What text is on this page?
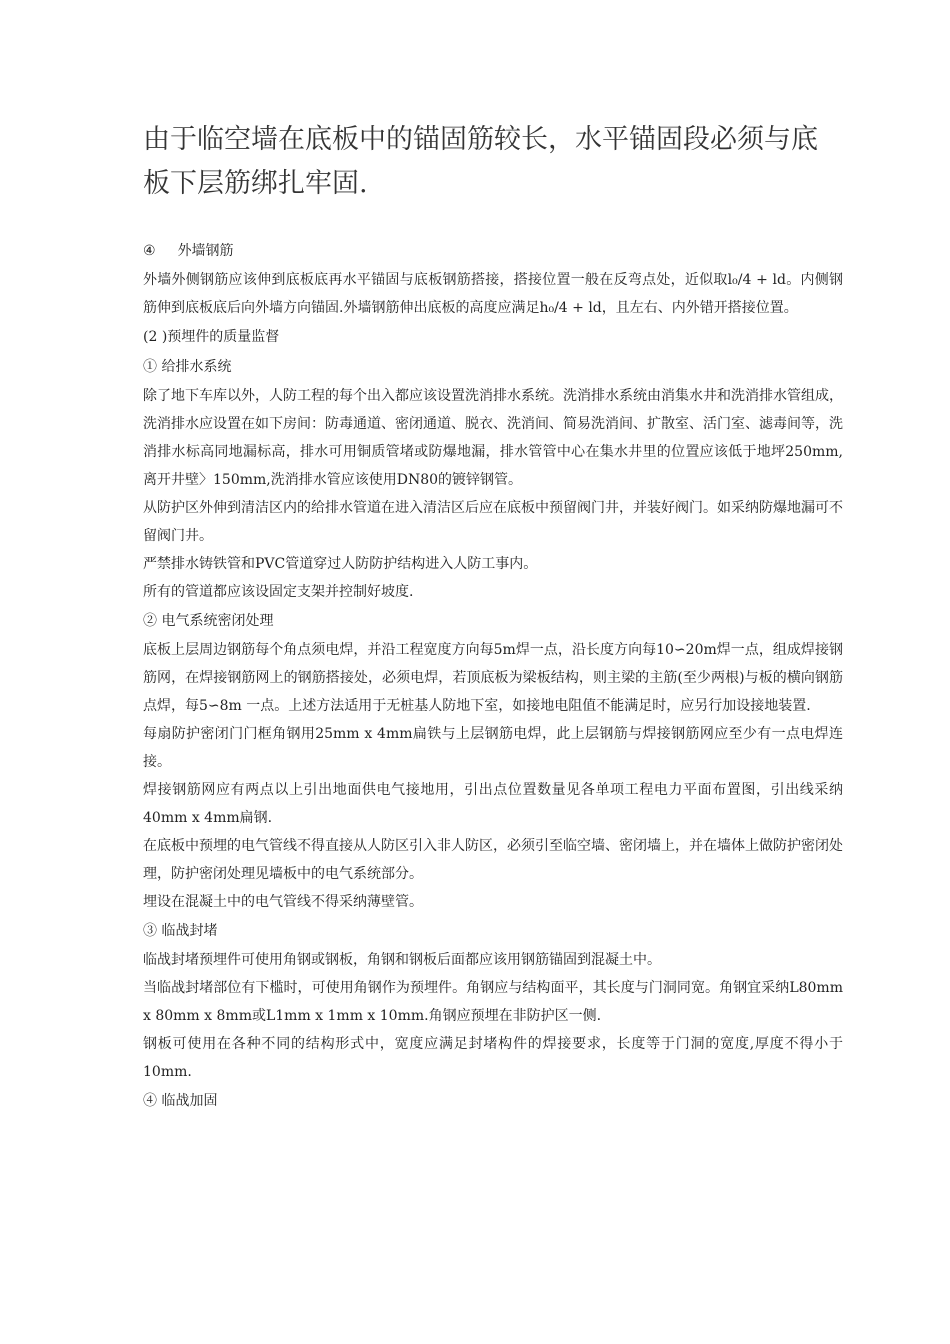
由于临空墙在底板中的锚固筋较长，水平锚固段必须与底板下层筋绑扎牢固.
④ 外墙钢筋
外墙外侧钢筋应该伸到底板底再水平锚固与底板钢筋搭接，搭接位置一般在反弯点处，近似取l₀/4 + ld。内侧钢筋伸到底板底后向外墙方向锚固.外墙钢筋伸出底板的高度应满足h₀/4 + ld，且左右、内外错开搭接位置。
(2 )预埋件的质量监督
① 给排水系统
除了地下车库以外，人防工程的每个出入都应该设置洗消排水系统。洗消排水系统由消集水井和洗消排水管组成，洗消排水应设置在如下房间：防毒通道、密闭通道、脱衣、洗消间、简易洗消间、扩散室、活门室、滤毒间等，洗消排水标高同地漏标高，排水可用铜质管堵或防爆地漏，排水管管中心在集水井里的位置应该低于地坪250mm,离开井壁〉150mm,洗消排水管应该使用DN80的镀锌钢管。
从防护区外伸到清洁区内的给排水管道在进入清洁区后应在底板中预留阀门井，并装好阀门。如采纳防爆地漏可不留阀门井。
严禁排水铸铁管和PVC管道穿过人防防护结构进入人防工事内。
所有的管道都应该设固定支架并控制好坡度.
② 电气系统密闭处理
底板上层周边钢筋每个角点须电焊，并沿工程宽度方向每5m焊一点，沿长度方向每10∽20m焊一点，组成焊接钢筋网，在焊接钢筋网上的钢筋搭接处，必须电焊，若顶底板为梁板结构，则主梁的主筋(至少两根)与板的横向钢筋点焊，每5∽8m 一点。上述方法适用于无桩基人防地下室，如接地电阻值不能满足时，应另行加设接地装置.
每扇防护密闭门门框角钢用25mm x 4mm扁铁与上层钢筋电焊，此上层钢筋与焊接钢筋网应至少有一点电焊连接。
焊接钢筋网应有两点以上引出地面供电气接地用，引出点位置数量见各单项工程电力平面布置图，引出线采纳40mm x 4mm扁钢.
在底板中预埋的电气管线不得直接从人防区引入非人防区，必须引至临空墙、密闭墙上，并在墙体上做防护密闭处理，防护密闭处理见墙板中的电气系统部分。
埋设在混凝土中的电气管线不得采纳薄壁管。
③ 临战封堵
临战封堵预埋件可使用角钢或钢板，角钢和钢板后面都应该用钢筋锚固到混凝土中。
当临战封堵部位有下槛时，可使用角钢作为预埋件。角钢应与结构面平，其长度与门洞同宽。角钢宜采纳L80mm x 80mm x 8mm或L1mm x 1mm x 10mm.角钢应预埋在非防护区一侧.
钢板可使用在各种不同的结构形式中，宽度应满足封堵构件的焊接要求，长度等于门洞的宽度,厚度不得小于10mm.
④ 临战加固
